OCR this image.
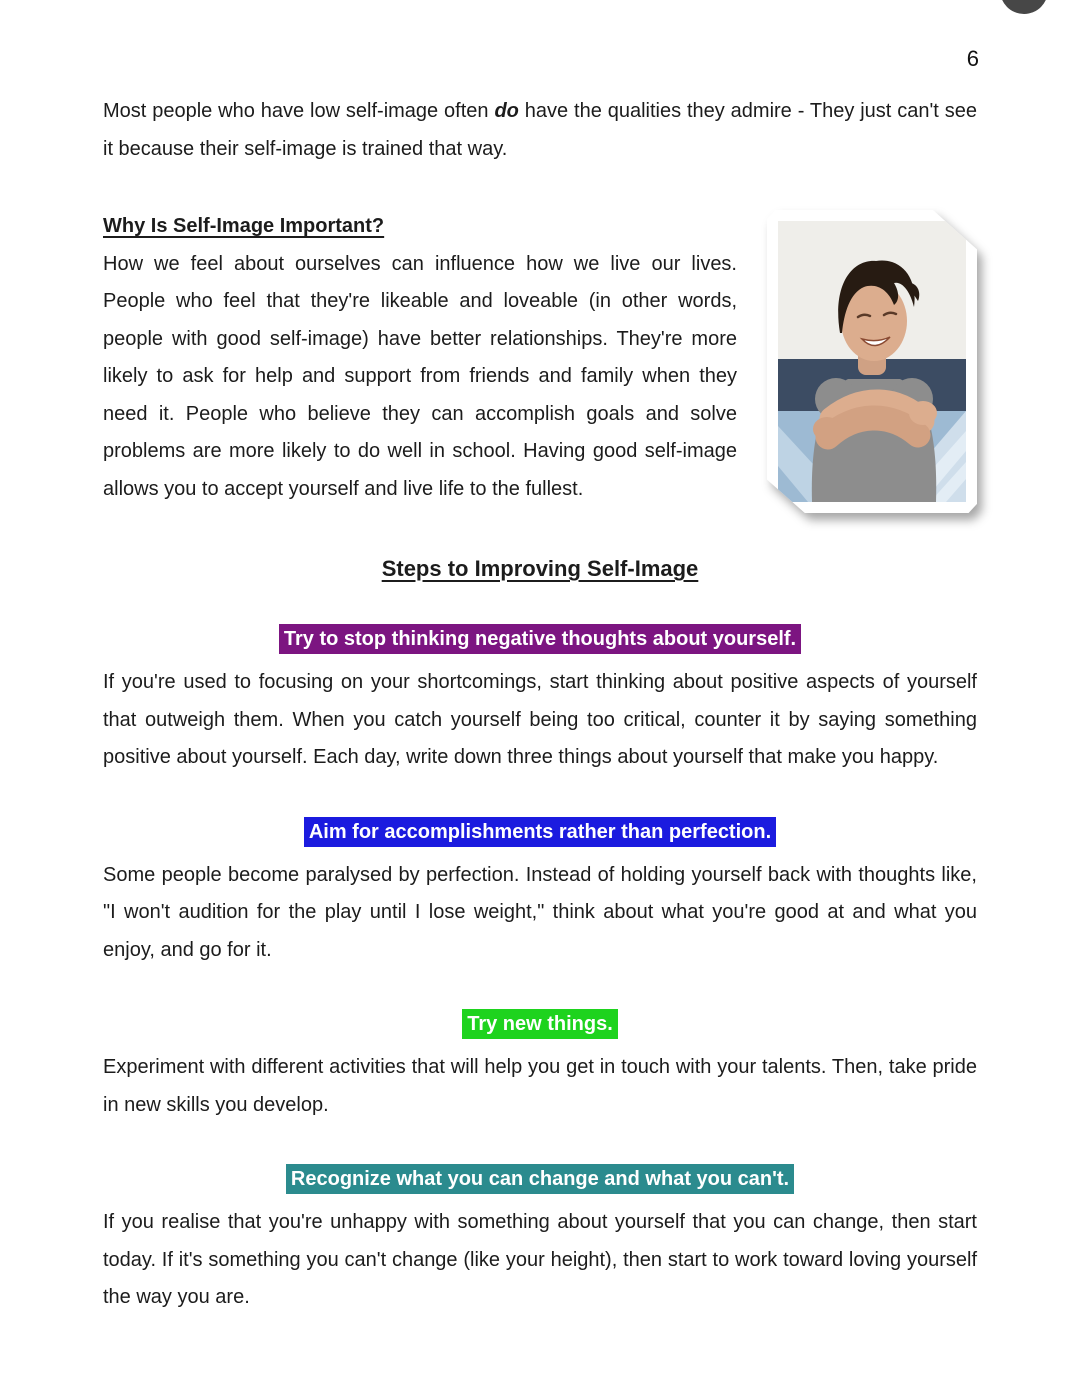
6

Most people who have low self-image often do have the qualities they admire - They just can't see it because their self-image is trained that way.

Why Is Self-Image Important?

How we feel about ourselves can influence how we live our lives. People who feel that they're likeable and loveable (in other words, people with good self-image) have better relationships. They're more likely to ask for help and support from friends and family when they need it. People who believe they can accomplish goals and solve problems are more likely to do well in school. Having good self-image allows you to accept yourself and live life to the fullest.

Steps to Improving Self-Image
Try to stop thinking negative thoughts about yourself.

If you're used to focusing on your shortcomings, start thinking about positive aspects of yourself that outweigh them. When you catch yourself being too critical, counter it by saying something positive about yourself. Each day, write down three things about yourself that make you happy.

Aim for accomplishments rather than perfection.

Some people become paralysed by perfection. Instead of holding yourself back with thoughts like, "I won't audition for the play until I lose weight," think about what you're good at and what you enjoy, and go for it.

Try new things.

Experiment with different activities that will help you get in touch with your talents. Then, take pride in new skills you develop.

Recognize what you can change and what you can't.

If you realise that you're unhappy with something about yourself that you can change, then start today. If it's something you can't change (like your height), then start to work toward loving yourself the way you are.
